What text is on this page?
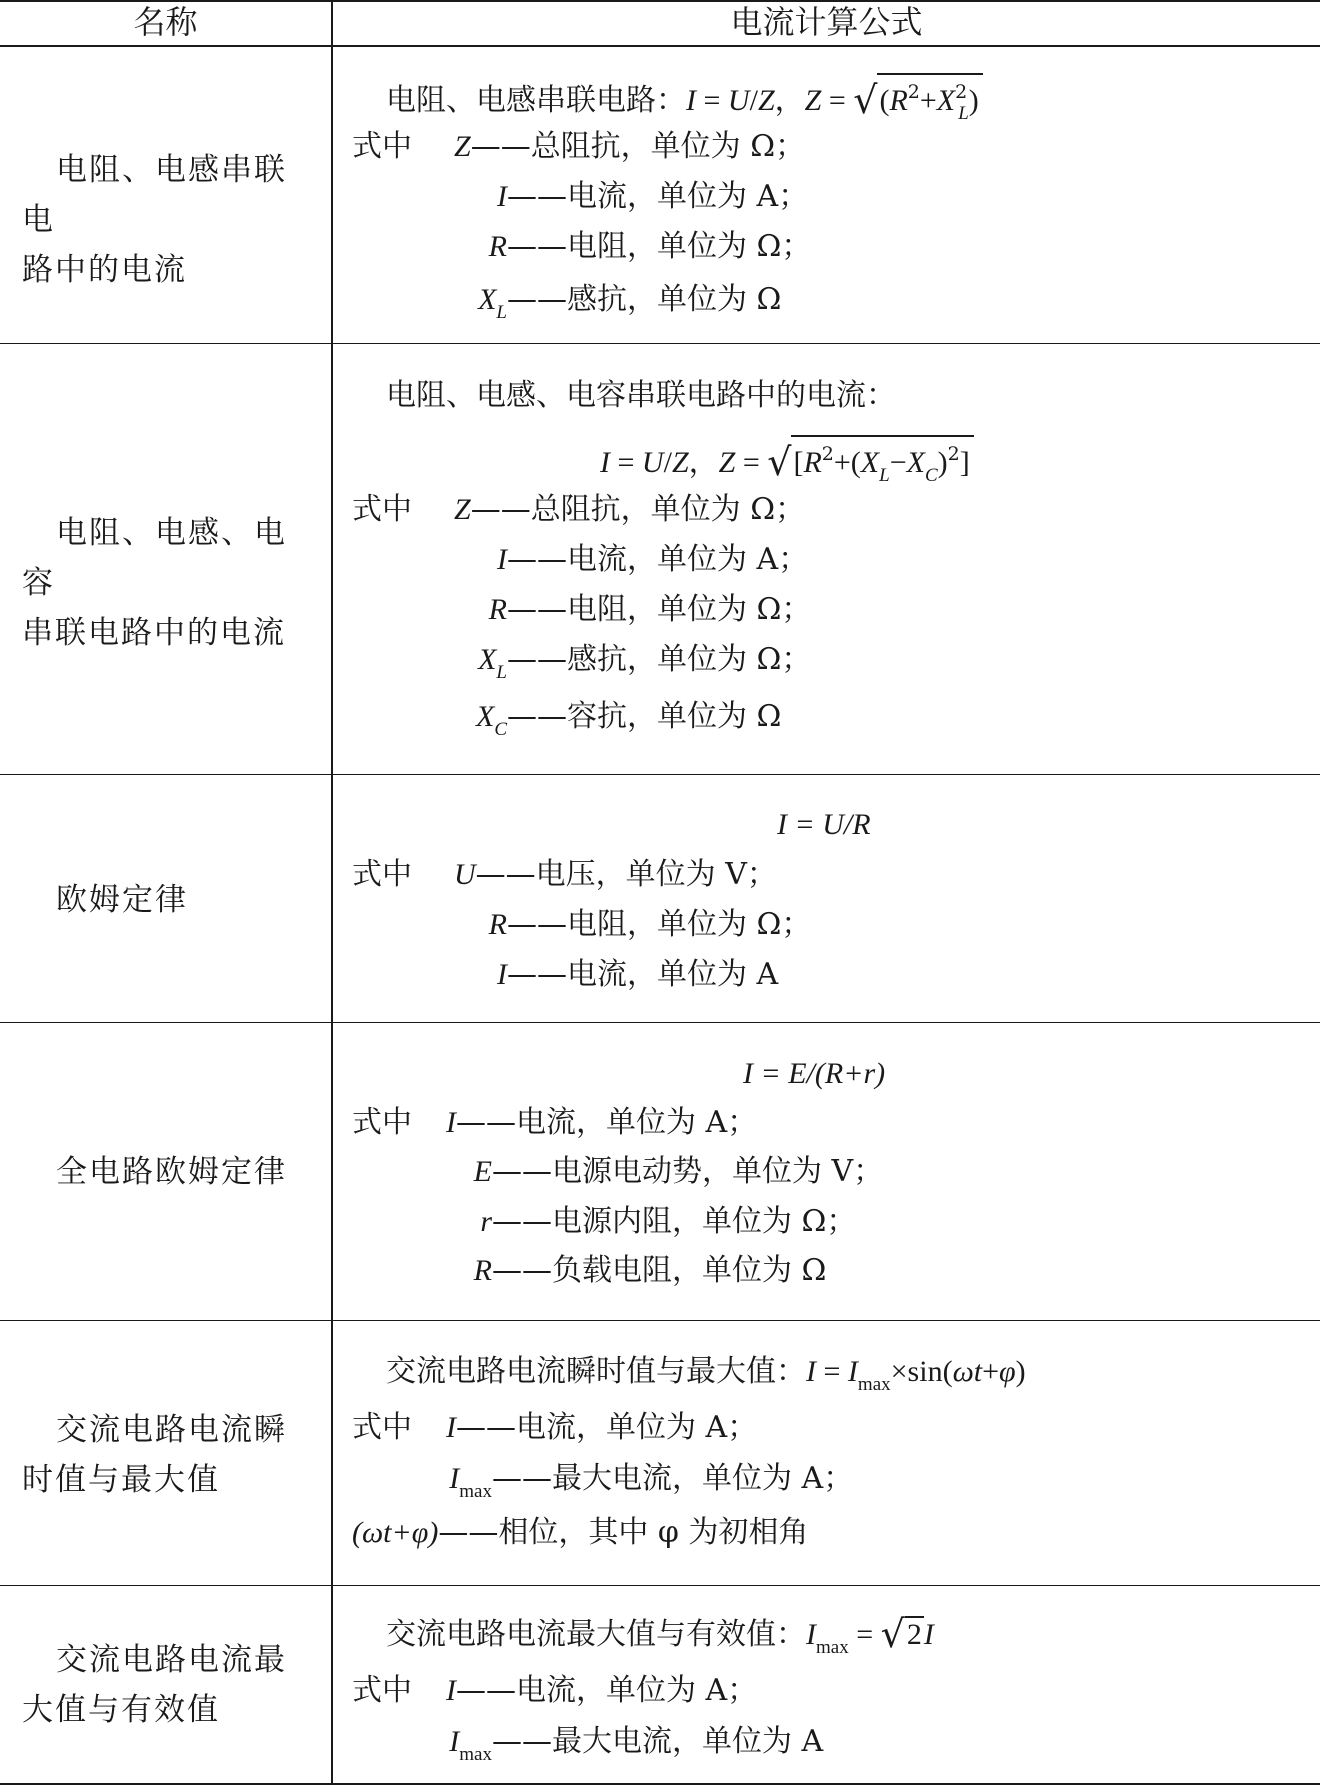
名称	电流计算公式
电阻、电感串联电
路中的电流
电阻、电感串联电路：I = U/Z，$Z = √(R^2+X^2_L)$
式中 Z——总阻抗，单位为 Ω；
I——电流，单位为 A；
R——电阻，单位为 Ω；
$X_L——$感抗，单位为 Ω
电阻、电感、电容
串联电路中的电流
电阻、电感、电容串联电路中的电流：
I = U/Z，$Z = √[R^2+(X_L-X_C)^2]$
式中 Z——总阻抗，单位为 Ω；
I——电流，单位为 A；
R——电阻，单位为 Ω；
$X_L——$感抗，单位为 Ω；
$X_C——$容抗，单位为 Ω
欧姆定律
I = U/R
式中 U——电压，单位为 V；
R——电阻，单位为 Ω；
I——电流，单位为 A
全电路欧姆定律
I = E/(R+r)
式中 I——电流，单位为 A；
E——电源电动势，单位为 V；
r——电源内阻，单位为 Ω；
R——负载电阻，单位为 Ω
交流电路电流瞬
时值与最大值
交流电路电流瞬时值与最大值：$I = I_{max}\times\sin(\omega t+\varphi)$
式中 I——电流，单位为 A；
$I_{max}——$最大电流，单位为 A；
(ωt+φ)——相位，其中 φ 为初相角
交流电路电流最
大值与有效值
交流电路电流最大值与有效值：$I_{max} = √2I$
式中 I——电流，单位为 A；
$I_{max}——$最大电流，单位为 A
